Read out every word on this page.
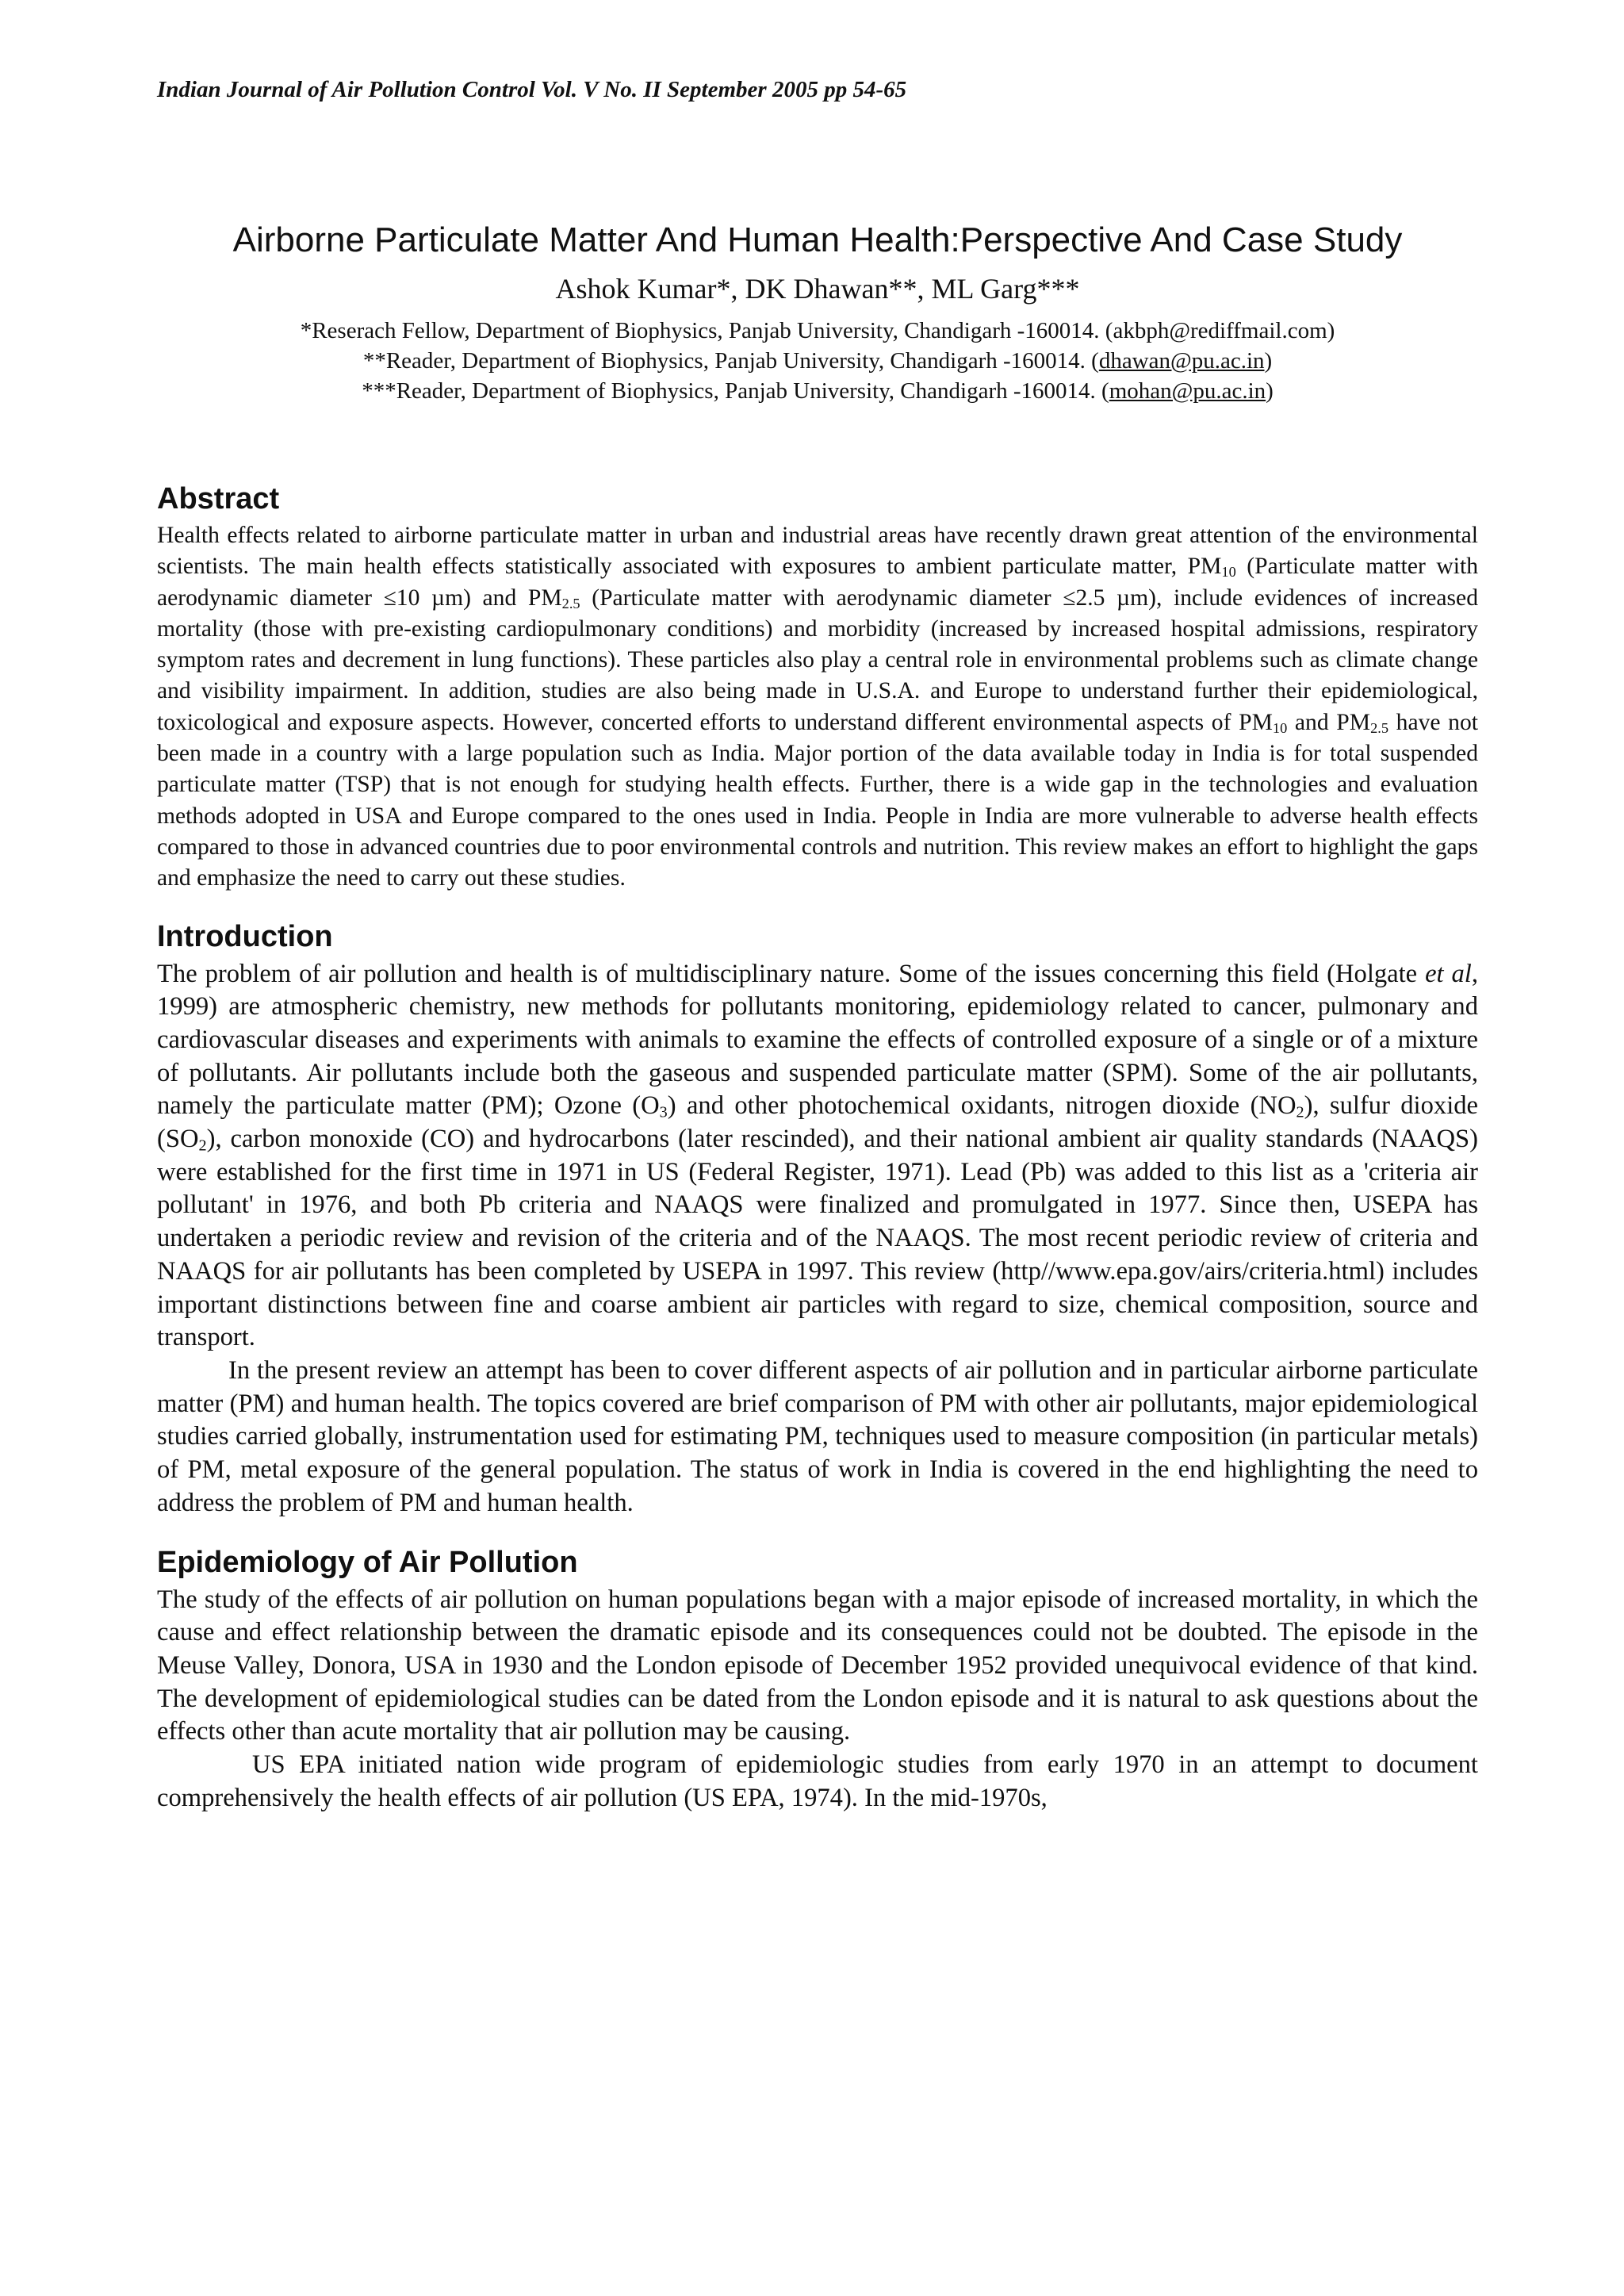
Indian Journal of Air Pollution Control Vol. V No. II September 2005 pp 54-65

Airborne Particulate Matter And Human Health:Perspective And Case Study

Ashok Kumar*, DK Dhawan**, ML Garg***

*Reserach Fellow, Department of Biophysics, Panjab University, Chandigarh -160014. (akbph@rediffmail.com)
**Reader, Department of Biophysics, Panjab University, Chandigarh -160014. (dhawan@pu.ac.in)
***Reader, Department of Biophysics, Panjab University, Chandigarh -160014. (mohan@pu.ac.in)
Abstract

Health effects related to airborne particulate matter in urban and industrial areas have recently drawn great attention of the environmental scientists. The main health effects statistically associated with exposures to ambient particulate matter, $PM_{10}$ (Particulate matter with aerodynamic diameter ≤10 µm) and $PM_{2.5}$ (Particulate matter with aerodynamic diameter ≤2.5 µm), include evidences of increased mortality (those with pre-existing cardiopulmonary conditions) and morbidity (increased by increased hospital admissions, respiratory symptom rates and decrement in lung functions). These particles also play a central role in environmental problems such as climate change and visibility impairment. In addition, studies are also being made in U.S.A. and Europe to understand further their epidemiological, toxicological and exposure aspects. However, concerted efforts to understand different environmental aspects of $PM_{10}$ and $PM_{2.5}$ have not been made in a country with a large population such as India. Major portion of the data available today in India is for total suspended particulate matter (TSP) that is not enough for studying health effects. Further, there is a wide gap in the technologies and evaluation methods adopted in USA and Europe compared to the ones used in India. People in India are more vulnerable to adverse health effects compared to those in advanced countries due to poor environmental controls and nutrition. This review makes an effort to highlight the gaps and emphasize the need to carry out these studies.

Introduction

The problem of air pollution and health is of multidisciplinary nature. Some of the issues concerning this field (Holgate et al, 1999) are atmospheric chemistry, new methods for pollutants monitoring, epidemiology related to cancer, pulmonary and cardiovascular diseases and experiments with animals to examine the effects of controlled exposure of a single or of a mixture of pollutants. Air pollutants include both the gaseous and suspended particulate matter (SPM). Some of the air pollutants, namely the particulate matter (PM); Ozone $(O_3)$ and other photochemical oxidants, nitrogen dioxide $(NO_2)$, sulfur dioxide $(SO_2)$, carbon monoxide (CO) and hydrocarbons (later rescinded), and their national ambient air quality standards (NAAQS) were established for the first time in 1971 in US (Federal Register, 1971). Lead (Pb) was added to this list as a 'criteria air pollutant' in 1976, and both Pb criteria and NAAQS were finalized and promulgated in 1977. Since then, USEPA has undertaken a periodic review and revision of the criteria and of the NAAQS. The most recent periodic review of criteria and NAAQS for air pollutants has been completed by USEPA in 1997. This review (http//www.epa.gov/airs/criteria.html) includes important distinctions between fine and coarse ambient air particles with regard to size, chemical composition, source and transport.

In the present review an attempt has been to cover different aspects of air pollution and in particular airborne particulate matter (PM) and human health. The topics covered are brief comparison of PM with other air pollutants, major epidemiological studies carried globally, instrumentation used for estimating PM, techniques used to measure composition (in particular metals) of PM, metal exposure of the general population. The status of work in India is covered in the end highlighting the need to address the problem of PM and human health.

Epidemiology of Air Pollution

The study of the effects of air pollution on human populations began with a major episode of increased mortality, in which the cause and effect relationship between the dramatic episode and its consequences could not be doubted. The episode in the Meuse Valley, Donora, USA in 1930 and the London episode of December 1952 provided unequivocal evidence of that kind. The development of epidemiological studies can be dated from the London episode and it is natural to ask questions about the effects other than acute mortality that air pollution may be causing.

US EPA initiated nation wide program of epidemiologic studies from early 1970 in an attempt to document comprehensively the health effects of air pollution (US EPA, 1974). In the mid-1970s,
